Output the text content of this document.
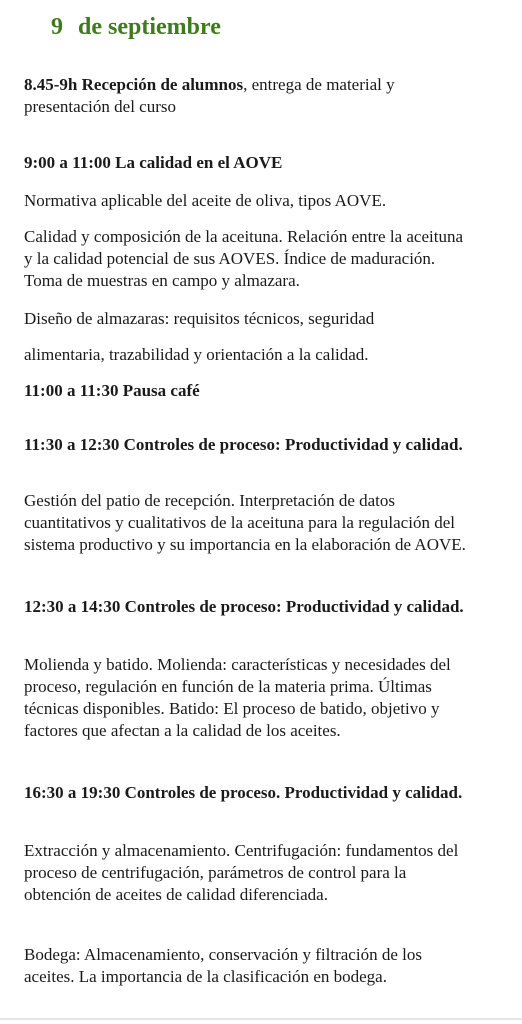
9 de septiembre
8.45-9h Recepción de alumnos, entrega de material y presentación del curso
9:00 a 11:00 La calidad en el AOVE
Normativa aplicable del aceite de oliva, tipos AOVE.
Calidad y composición de la aceituna. Relación entre la aceituna y la calidad potencial de sus AOVES. Índice de maduración. Toma de muestras en campo y almazara.
Diseño de almazaras: requisitos técnicos, seguridad
alimentaria, trazabilidad y orientación a la calidad.
11:00 a 11:30 Pausa café
11:30 a 12:30 Controles de proceso: Productividad y calidad.
Gestión del patio de recepción. Interpretación de datos cuantitativos y cualitativos de la aceituna para la regulación del sistema productivo y su importancia en la elaboración de AOVE.
12:30 a 14:30 Controles de proceso: Productividad y calidad.
Molienda y batido. Molienda: características y necesidades del proceso, regulación en función de la materia prima. Últimas técnicas disponibles. Batido: El proceso de batido, objetivo y factores que afectan a la calidad de los aceites.
16:30 a 19:30 Controles de proceso. Productividad y calidad.
Extracción y almacenamiento. Centrifugación: fundamentos del proceso de centrifugación, parámetros de control para la obtención de aceites de calidad diferenciada.
Bodega: Almacenamiento, conservación y filtración de los aceites. La importancia de la clasificación en bodega.
